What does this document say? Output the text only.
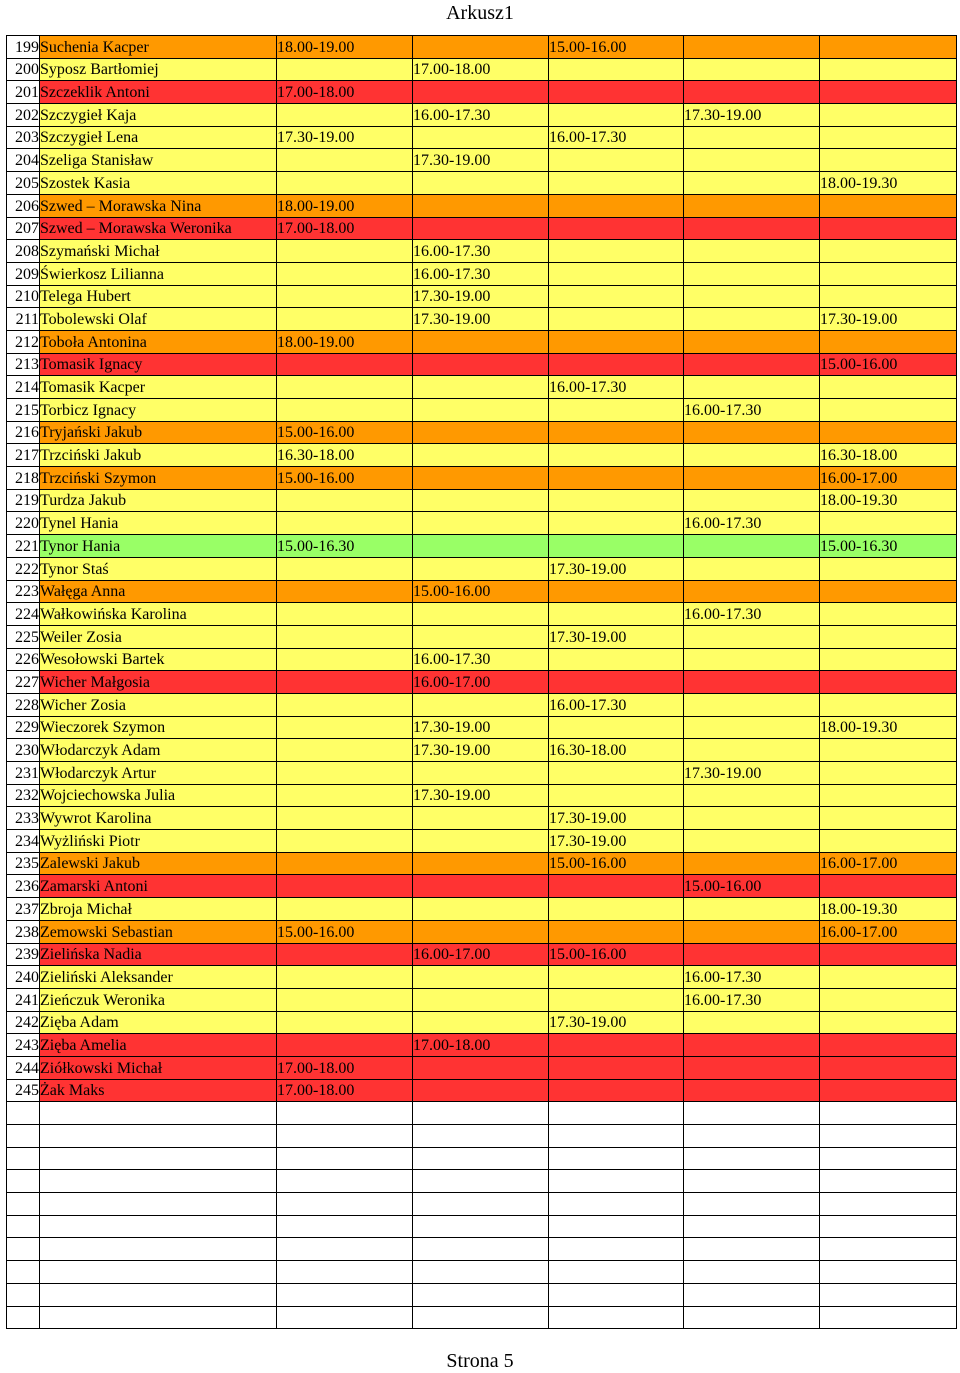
Arkusz1
199	Suchenia Kacper	18.00-19.00		15.00-16.00		
200	Syposz Bartłomiej		17.00-18.00			
201	Szczeklik Antoni	17.00-18.00				
202	Szczygieł Kaja		16.00-17.30		17.30-19.00	
203	Szczygieł Lena	17.30-19.00		16.00-17.30		
204	Szeliga Stanisław		17.30-19.00			
205	Szostek Kasia					18.00-19.30
206	Szwed – Morawska Nina	18.00-19.00				
207	Szwed – Morawska Weronika	17.00-18.00				
208	Szymański Michał		16.00-17.30			
209	Świerkosz Lilianna		16.00-17.30			
210	Telega Hubert		17.30-19.00			
211	Tobolewski Olaf		17.30-19.00			17.30-19.00
212	Toboła Antonina	18.00-19.00				
213	Tomasik Ignacy					15.00-16.00
214	Tomasik Kacper			16.00-17.30		
215	Torbicz Ignacy				16.00-17.30	
216	Tryjański Jakub	15.00-16.00				
217	Trzciński Jakub	16.30-18.00				16.30-18.00
218	Trzciński Szymon	15.00-16.00				16.00-17.00
219	Turdza Jakub					18.00-19.30
220	Tynel Hania				16.00-17.30	
221	Tynor Hania	15.00-16.30				15.00-16.30
222	Tynor Staś			17.30-19.00		
223	Wałęga Anna		15.00-16.00			
224	Wałkowińska Karolina				16.00-17.30	
225	Weiler Zosia			17.30-19.00		
226	Wesołowski Bartek		16.00-17.30			
227	Wicher Małgosia		16.00-17.00			
228	Wicher Zosia			16.00-17.30		
229	Wieczorek Szymon		17.30-19.00			18.00-19.30
230	Włodarczyk Adam		17.30-19.00	16.30-18.00		
231	Włodarczyk Artur				17.30-19.00	
232	Wojciechowska Julia		17.30-19.00			
233	Wywrot Karolina			17.30-19.00		
234	Wyżliński Piotr			17.30-19.00		
235	Zalewski Jakub			15.00-16.00		16.00-17.00
236	Zamarski Antoni				15.00-16.00	
237	Zbroja Michał					18.00-19.30
238	Zemowski Sebastian	15.00-16.00				16.00-17.00
239	Zielińska Nadia		16.00-17.00	15.00-16.00		
240	Zieliński Aleksander				16.00-17.30	
241	Zieńczuk Weronika				16.00-17.30	
242	Zięba Adam			17.30-19.00		
243	Zięba Amelia		17.00-18.00			
244	Ziółkowski Michał	17.00-18.00				
245	Żak Maks	17.00-18.00				

Strona 5
